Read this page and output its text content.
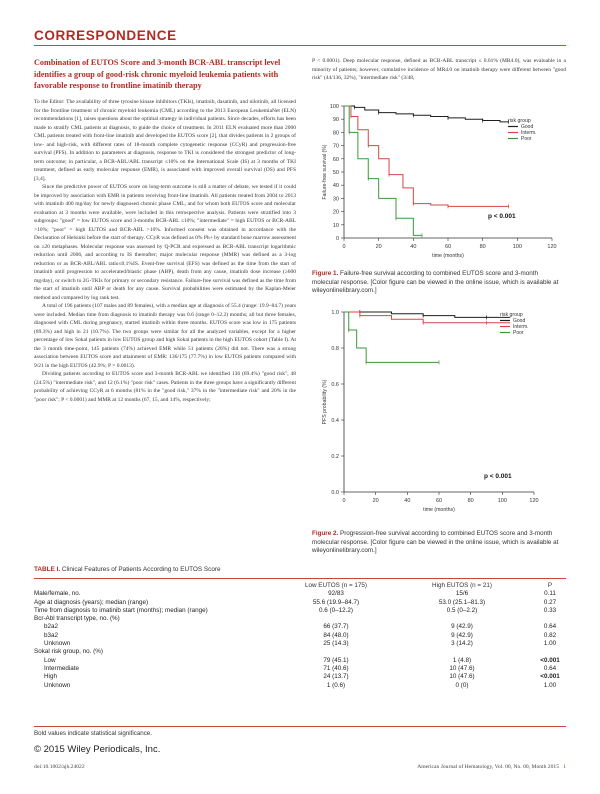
CORRESPONDENCE
Combination of EUTOS Score and 3-month BCR-ABL transcript level identifies a group of good-risk chronic myeloid leukemia patients with favorable response to frontline imatinib therapy

To the Editor: The availability of three tyrosine kinase inhibitors (TKIs), imatinib, dasatinib, and nilotinib, all licensed for the frontline treatment of chronic myeloid leukemia (CML) according to the 2013 European LeukemiaNet (ELN) recommendations [1], raises questions about the optimal strategy in individual patients. Since decades, efforts has been made to stratify CML patients at diagnosis, to guide the choice of treatment. In 2011 ELN evaluated more than 2000 CML patients treated with front-line imatinib and developed the EUTOS score [2], that divides patients in 2 groups of low- and high-risk, with different rates of 18-month complete cytogenetic response (CCyR) and progression-free survival (PFS). In addition to parameters at diagnosis, response to TKI is considered the strongest predictor of long-term outcome; in particular, a BCR-ABL/ABL transcript ≤10% on the International Scale (IS) at 3 months of TKI treatment, defined as early molecular response (EMR), is associated with improved overall survival (OS) and PFS [3,4].

Since the predictive power of EUTOS score on long-term outcome is still a matter of debate, we tested if it could be improved by association with EMR in patients receiving front-line imatinib. All patients treated from 2004 to 2013 with imatinib 400 mg/day for newly diagnosed chronic phase CML, and for whom both EUTOS score and molecular evaluation at 3 months were available, were included in this retrospective analysis. Patients were stratified into 3 subgroups: "good" = low EUTOS score and 3-months BCR-ABL ≤10%; "intermediate" = high EUTOS or BCR-ABL >10%; "poor" = high EUTOS and BCR-ABL >10%. Informed consent was obtained in accordance with the Declaration of Helsinki before the start of therapy. CCyR was defined as 0% Ph+ by standard bone marrow assessment on ≥20 metaphases. Molecular response was assessed by Q-PCR and expressed as BCR-ABL transcript logarithmic reduction until 2006, and according to IS thereafter; major molecular response (MMR) was defined as a 3-log reduction or as BCR-ABL/ABL ratio≤0.1%IS. Event-free survival (EFS) was defined as the time from the start of imatinib until progression to accelerated/blastic phase (ABP), death from any cause, imatinib dose increase (≥600 mg/day), or switch to 2G-TKIs for primary or secondary resistance. Failure-free survival was defined as the time from the start of imatinib until ABP or death for any cause. Survival probabilities were estimated by the Kaplan-Meier method and compared by log rank test.

A total of 196 patients (107 males and 89 females), with a median age at diagnosis of 55.4 (range: 19.9–84.7) years were included. Median time from diagnosis to imatinib therapy was 0.6 (range 0–12.2) months; all but three females, diagnosed with CML during pregnancy, started imatinib within three months. EUTOS score was low in 175 patients (89.3%) and high in 21 (10.7%). The two groups were similar for all the analyzed variables, except for a higher percentage of low Sokal patients in low EUTOS group and high Sokal patients in the high EUTOS cohort (Table I). At the 3 month time-point, 145 patients (74%) achieved EMR while 51 patients (26%) did not. There was a strong association between EUTOS score and attainment of EMR: 136/175 (77.7%) in low EUTOS patients compared with 9/21 in the high EUTOS (42.9%; P = 0.0013).

Dividing patients according to EUTOS score and 3-month BCR-ABL we identified 136 (69.4%) "good risk", 48 (24.5%) "intermediate risk", and 12 (6.1%) "poor risk" cases. Patients in the three groups have a significantly different probability of achieving CCyR at 6 months (81% in the "good risk," 37% in the "intermediate risk" and 20% in the "poor risk"; P < 0.0001) and MMR at 12 months (67, 15, and 14%, respectively;

P < 0.0001). Deep molecular response, defined as BCR-ABL transcript ≤ 0.01% (MR4.0), was evaluable in a minority of patients; however, cumulative incidence of MR4.0 on imatinib therapy were different between "good risk" (44/136, 32%), "intermediate risk" (3/48,

0
10
20
30
40
50
60
70
80
90
100
0	20	40	60	80	100	120
time (months)
Failure-free survival (%)
risk group
Good
Interm.
Poor
p < 0.001
Figure 1. Failure-free survival according to combined EUTOS score and 3-month molecular response. [Color figure can be viewed in the online issue, which is available at wileyonlinelibrary.com.]
0.0
0.2
0.4
0.6
0.8
1.0
0	20	40	60	80	100	120
time (months)
PFS probability (%)
risk group
Good
Interm.
Poor
p < 0.001
Figure 2. Progression-free survival according to combined EUTOS score and 3-month molecular response. [Color figure can be viewed in the online issue, which is available at wileyonlinelibrary.com.]
TABLE I. Clinical Features of Patients According to EUTOS Score
	Low EUTOS (n = 175)	High EUTOS (n = 21)	P
Male/female, no.	92/83	15/6	0.11
Age at diagnosis (years); median (range)	55.6 (19.9–84.7)	53.0 (25.1–81.3)	0.27
Time from diagnosis to imatinib start (months); median (range)	0.6 (0–12.2)	0.5 (0–2.2)	0.33
Bcr-Abl transcript type, no. (%)			
b2a2	66 (37.7)	9 (42.9)	0.64
b3a2	84 (48.0)	9 (42.9)	0.82
Unknown	25 (14.3)	3 (14.2)	1.00
Sokal risk group, no. (%)			
Low	79 (45.1)	1 (4.8)	<0.001
Intermediate	71 (40.6)	10 (47.6)	0.64
High	24 (13.7)	10 (47.6)	<0.001
Unknown	1 (0.6)	0 (0)	1.00
Bold values indicate statistical significance.
© 2015 Wiley Periodicals, Inc.
doi:10.1002/ajh.24022	American Journal of Hematology, Vol. 00, No. 00, Month 2015 1
